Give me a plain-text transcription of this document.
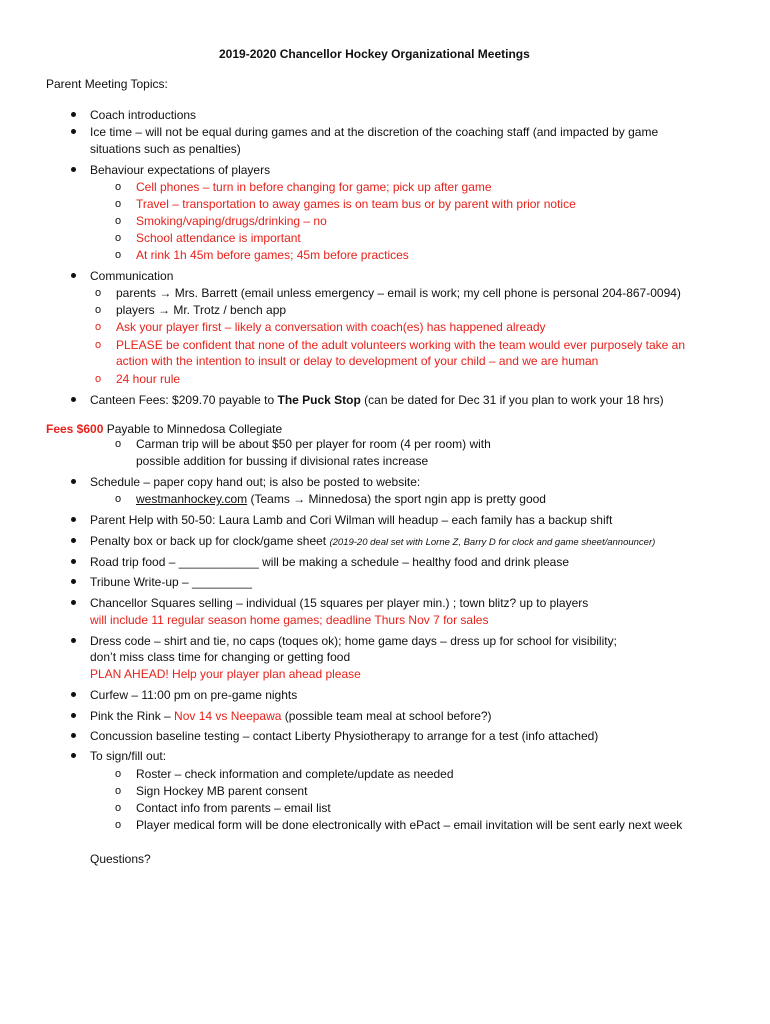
2019-2020 Chancellor Hockey Organizational Meetings
Parent Meeting Topics:
Coach introductions
Ice time – will not be equal during games and at the discretion of the coaching staff (and impacted by game
situations such as penalties)
Behaviour expectations of players
o Cell phones – turn in before changing for game; pick up after game
o Travel – transportation to away games is on team bus or by parent with prior notice
o Smoking/vaping/drugs/drinking – no
o School attendance is important
o At rink 1h 45m before games; 45m before practices
Communication
o parents → Mrs. Barrett (email unless emergency – email is work; my cell phone is personal 204-867-0094)
o players → Mr. Trotz / bench app
o Ask your player first – likely a conversation with coach(es) has happened already
o PLEASE be confident that none of the adult volunteers working with the team would ever purposely take an
action with the intention to insult or delay to development of your child – and we are human
o 24 hour rule
Canteen Fees: $209.70 payable to The Puck Stop (can be dated for Dec 31 if you plan to work your 18 hrs)
Fees $600 Payable to Minnedosa Collegiate
o Carman trip will be about $50 per player for room (4 per room) with
possible addition for bussing if divisional rates increase
Schedule – paper copy hand out; is also be posted to website:
o westmanhockey.com (Teams → Minnedosa) the sport ngin app is pretty good
Parent Help with 50-50: Laura Lamb and Cori Wilman will headup – each family has a backup shift
Penalty box or back up for clock/game sheet (2019-20 deal set with Lorne Z, Barry D for clock and game sheet/announcer)
Road trip food – ____________ will be making a schedule – healthy food and drink please
Tribune Write-up – _________
Chancellor Squares selling – individual (15 squares per player min.) ; town blitz? up to players
will include 11 regular season home games; deadline Thurs Nov 7 for sales
Dress code – shirt and tie, no caps (toques ok); home game days – dress up for school for visibility;
don’t miss class time for changing or getting food
PLAN AHEAD! Help your player plan ahead please
Curfew – 11:00 pm on pre-game nights
Pink the Rink – Nov 14 vs Neepawa (possible team meal at school before?)
Concussion baseline testing – contact Liberty Physiotherapy to arrange for a test (info attached)
To sign/fill out:
o Roster – check information and complete/update as needed
o Sign Hockey MB parent consent
o Contact info from parents – email list
o Player medical form will be done electronically with ePact – email invitation will be sent early next week
Questions?
